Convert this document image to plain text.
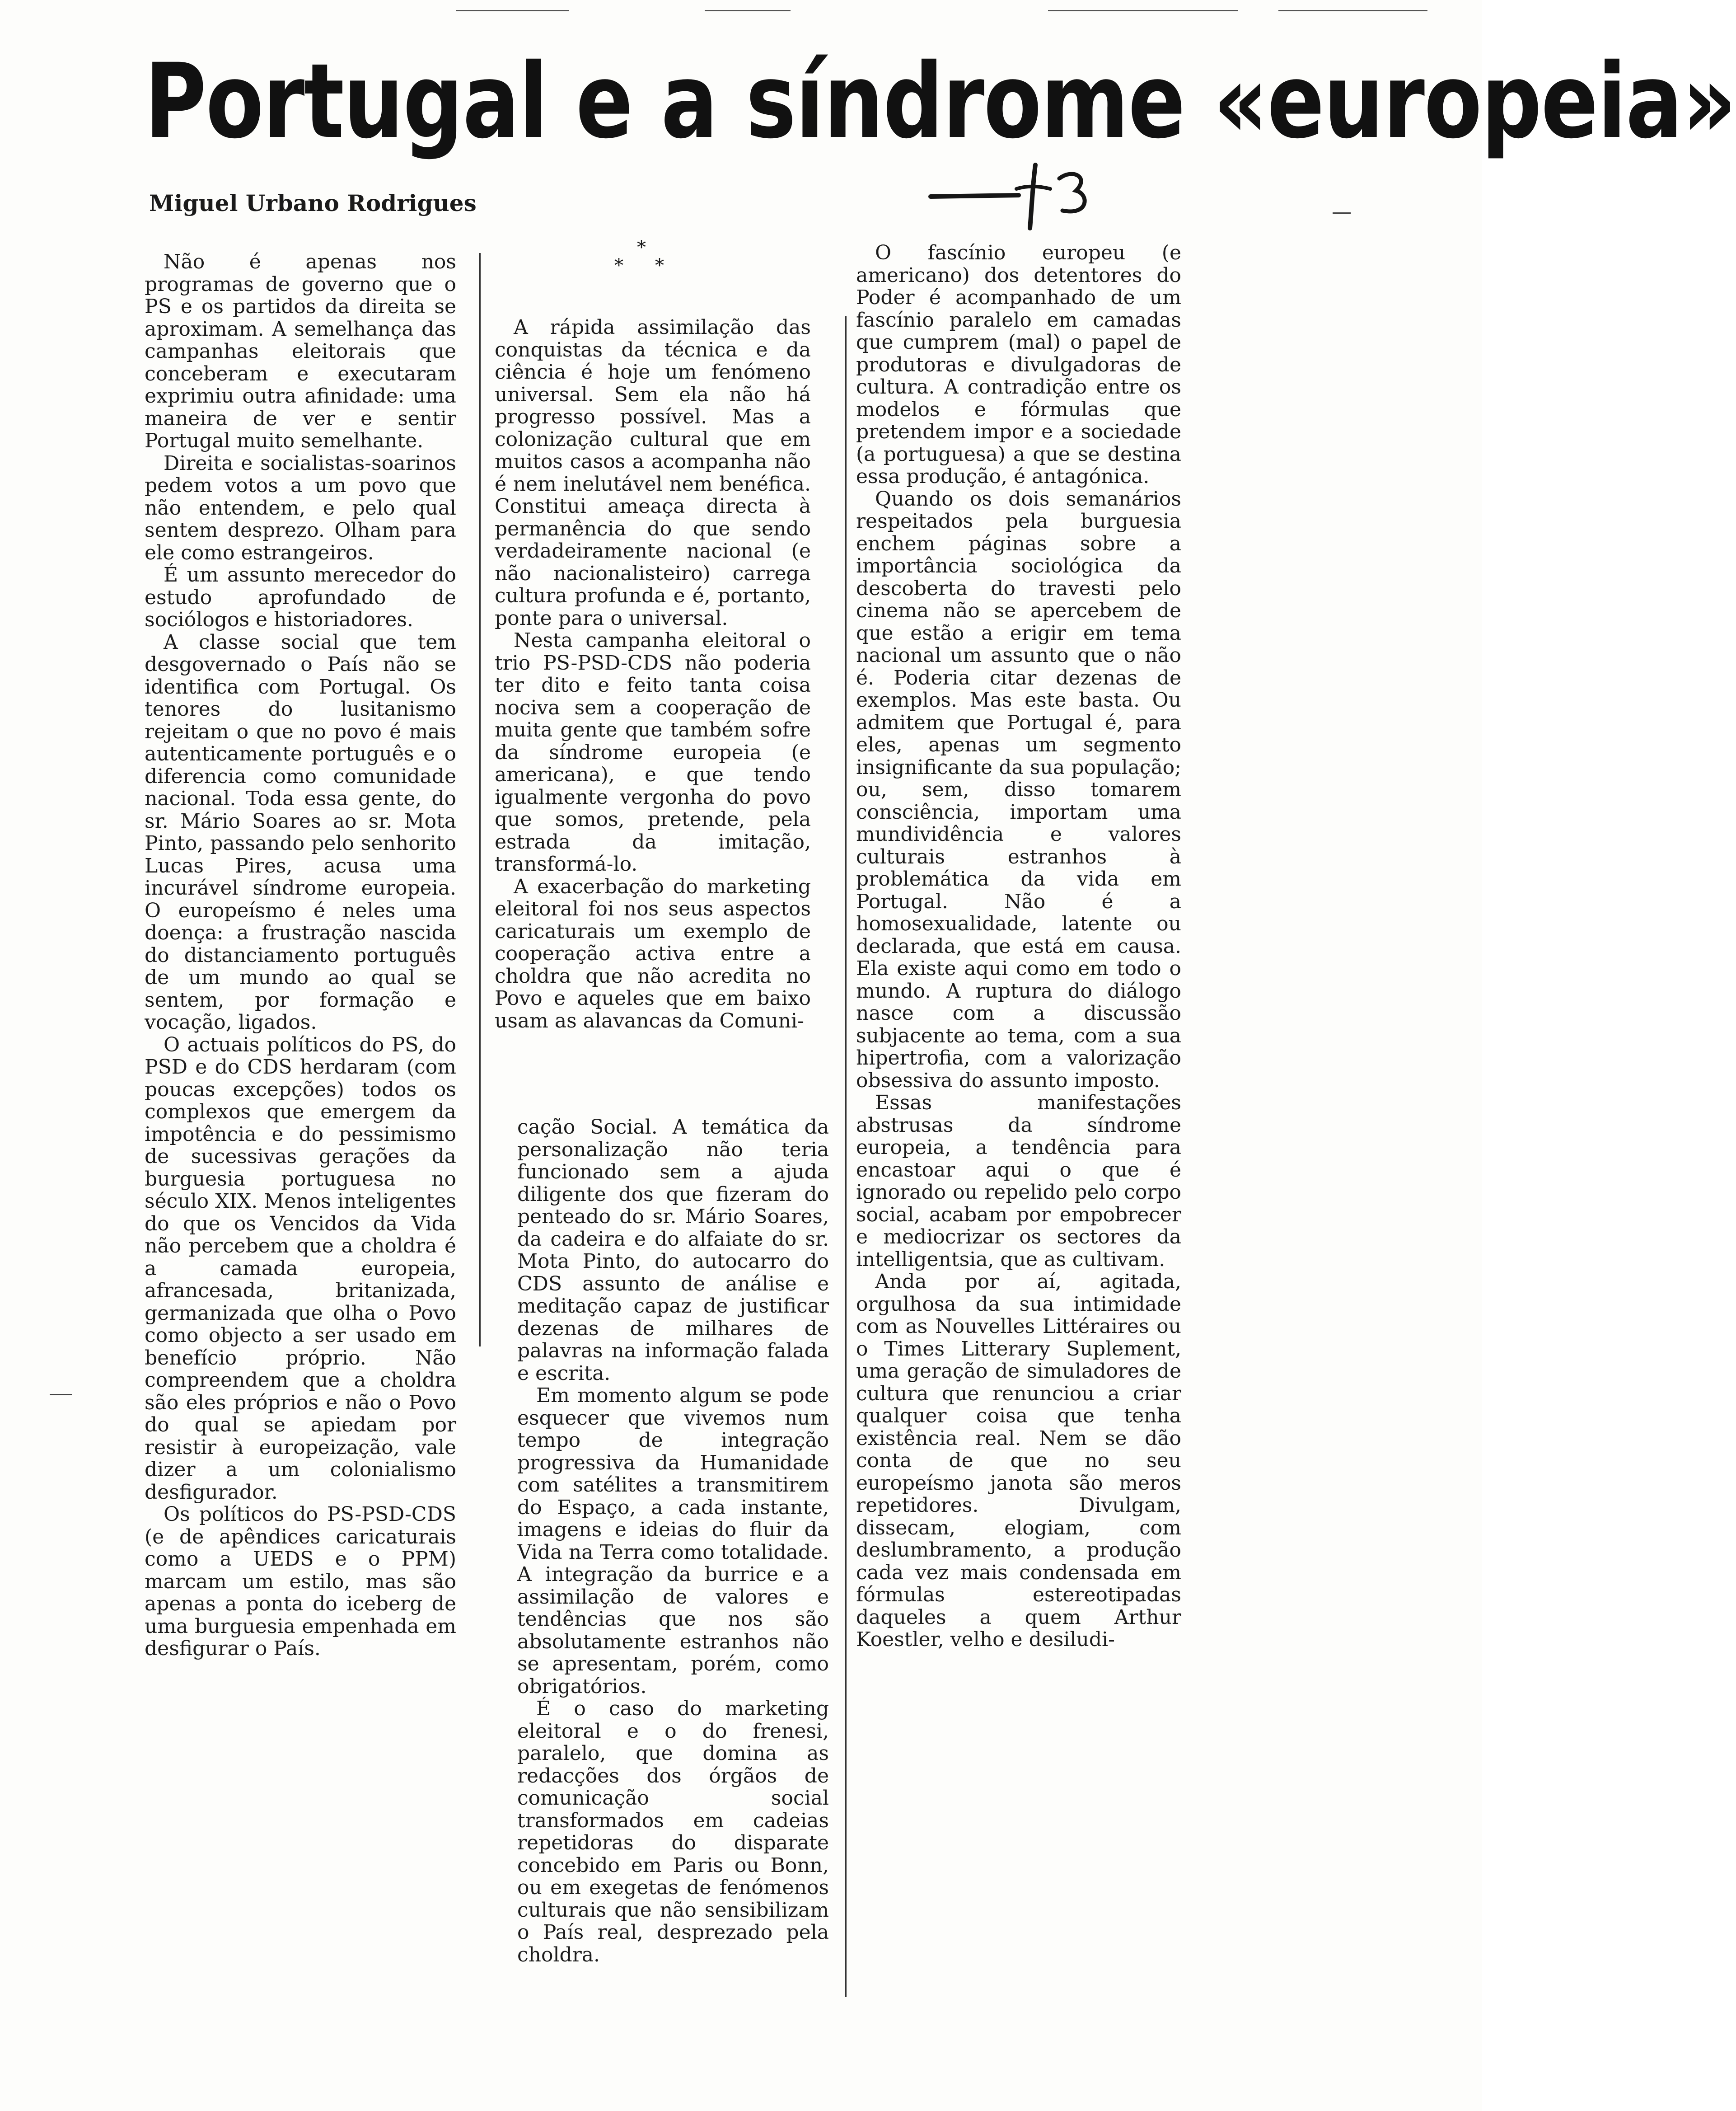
Portugal e a síndrome «europeia»
Miguel Urbano Rodrigues

Não é apenas nos programas de governo que o PS e os partidos da direita se aproximam. A semelhança das campanhas eleitorais que conceberam e executaram exprimiu outra afinidade: uma maneira de ver e sentir Portugal muito semelhante.

Direita e socialistas-soarinos pedem votos a um povo que não entendem, e pelo qual sentem desprezo. Olham para ele como estrangeiros.

É um assunto merecedor do estudo aprofundado de sociólogos e historiadores.

A classe social que tem desgovernado o País não se identifica com Portugal. Os tenores do lusitanismo rejeitam o que no povo é mais autenticamente português e o diferencia como comunidade nacional. Toda essa gente, do sr. Mário Soares ao sr. Mota Pinto, passando pelo senhorito Lucas Pires, acusa uma incurável síndrome europeia. O europeísmo é neles uma doença: a frustração nascida do distanciamento português de um mundo ao qual se sentem, por formação e vocação, ligados.

O actuais políticos do PS, do PSD e do CDS herdaram (com poucas excepções) todos os complexos que emergem da impotência e do pessimismo de sucessivas gerações da burguesia portuguesa no século XIX. Menos inteligentes do que os Vencidos da Vida não percebem que a choldra é a camada europeia, afrancesada, britanizada, germanizada que olha o Povo como objecto a ser usado em benefício próprio. Não compreendem que a choldra são eles próprios e não o Povo do qual se apiedam por resistir à europeização, vale dizer a um colonialismo desfigurador.

Os políticos do PS-PSD-CDS (e de apêndices caricaturais como a UEDS e o PPM) marcam um estilo, mas são apenas a ponta do iceberg de uma burguesia empenhada em desfigurar o País.

*
* *

A rápida assimilação das conquistas da técnica e da ciência é hoje um fenómeno universal. Sem ela não há progresso possível. Mas a colonização cultural que em muitos casos a acompanha não é nem inelutável nem benéfica. Constitui ameaça directa à permanência do que sendo verdadeiramente nacional (e não nacionalisteiro) carrega cultura profunda e é, portanto, ponte para o universal.

Nesta campanha eleitoral o trio PS-PSD-CDS não poderia ter dito e feito tanta coisa nociva sem a cooperação de muita gente que também sofre da síndrome europeia (e americana), e que tendo igualmente vergonha do povo que somos, pretende, pela estrada da imitação, transformá-lo.

A exacerbação do marketing eleitoral foi nos seus aspectos caricaturais um exemplo de cooperação activa entre a choldra que não acredita no Povo e aqueles que em baixo usam as alavancas da Comuni-

cação Social. A temática da personalização não teria funcionado sem a ajuda diligente dos que fizeram do penteado do sr. Mário Soares, da cadeira e do alfaiate do sr. Mota Pinto, do autocarro do CDS assunto de análise e meditação capaz de justificar dezenas de milhares de palavras na informação falada e escrita.

Em momento algum se pode esquecer que vivemos num tempo de integração progressiva da Humanidade com satélites a transmitirem do Espaço, a cada instante, imagens e ideias do fluir da Vida na Terra como totalidade. A integração da burrice e a assimilação de valores e tendências que nos são absolutamente estranhos não se apresentam, porém, como obrigatórios.

É o caso do marketing eleitoral e o do frenesi, paralelo, que domina as redacções dos órgãos de comunicação social transformados em cadeias repetidoras do disparate concebido em Paris ou Bonn, ou em exegetas de fenómenos culturais que não sensibilizam o País real, desprezado pela choldra.

O fascínio europeu (e americano) dos detentores do Poder é acompanhado de um fascínio paralelo em camadas que cumprem (mal) o papel de produtoras e divulgadoras de cultura. A contradição entre os modelos e fórmulas que pretendem impor e a sociedade (a portuguesa) a que se destina essa produção, é antagónica.

Quando os dois semanários respeitados pela burguesia enchem páginas sobre a importância sociológica da descoberta do travesti pelo cinema não se apercebem de que estão a erigir em tema nacional um assunto que o não é. Poderia citar dezenas de exemplos. Mas este basta. Ou admitem que Portugal é, para eles, apenas um segmento insignificante da sua população; ou, sem, disso tomarem consciência, importam uma mundividência e valores culturais estranhos à problemática da vida em Portugal. Não é a homosexualidade, latente ou declarada, que está em causa. Ela existe aqui como em todo o mundo. A ruptura do diálogo nasce com a discussão subjacente ao tema, com a sua hipertrofia, com a valorização obsessiva do assunto imposto.

Essas manifestações abstrusas da síndrome europeia, a tendência para encastoar aqui o que é ignorado ou repelido pelo corpo social, acabam por empobrecer e mediocrizar os sectores da intelligentsia, que as cultivam.

Anda por aí, agitada, orgulhosa da sua intimidade com as Nouvelles Littéraires ou o Times Litterary Suplement, uma geração de simuladores de cultura que renunciou a criar qualquer coisa que tenha existência real. Nem se dão conta de que no seu europeísmo janota são meros repetidores. Divulgam, dissecam, elogiam, com deslumbramento, a produção cada vez mais condensada em fórmulas estereotipadas daqueles a quem Arthur Koestler, velho e desiludi-
